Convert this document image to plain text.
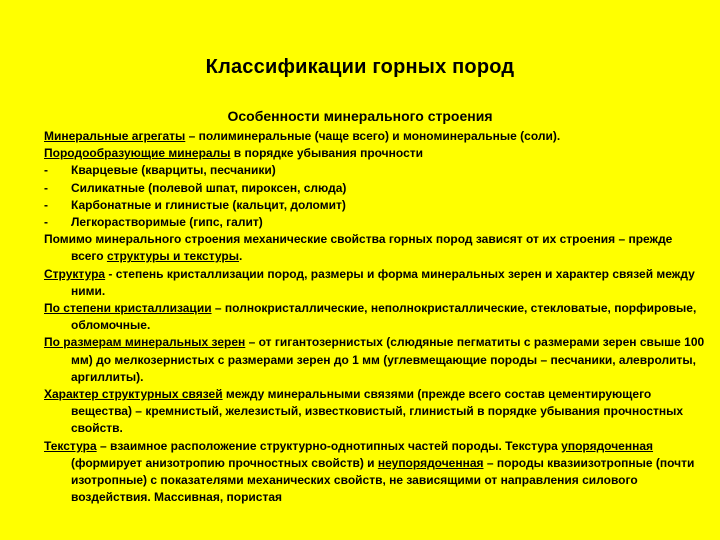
Классификации горных пород
Особенности минерального строения

Минеральные агрегаты – полиминеральные (чаще всего) и мономинеральные (соли).

Породообразующие минералы в порядке убывания прочности

-	Кварцевые (кварциты, песчаники)
-	Силикатные (полевой шпат, пироксен, слюда)
-	Карбонатные и глинистые (кальцит, доломит)
-	Легкорастворимые (гипс, галит)

Помимо минерального строения механические свойства горных пород зависят от их строения – прежде всего структуры и текстуры.

Структура - степень кристаллизации пород, размеры и форма минеральных зерен и характер связей между ними.

По степени кристаллизации – полнокристаллические, неполнокристаллические, стекловатые, порфировые, обломочные.

По размерам минеральных зерен – от гигантозернистых (слюдяные пегматиты с размерами зерен свыше 100 мм) до мелкозернистых с размерами зерен до 1 мм (углевмещающие породы – песчаники, алевролиты, аргиллиты).

Характер структурных связей между минеральными связями (прежде всего состав цементирующего вещества) – кремнистый, железистый, известковистый, глинистый в порядке убывания прочностных свойств.

Текстура – взаимное расположение структурно-однотипных частей породы. Текстура упорядоченная (формирует анизотропию прочностных свойств) и неупорядоченная – породы квазиизотропные (почти изотропные) с показателями механических свойств, не зависящими от направления силового воздействия. Массивная, пористая
